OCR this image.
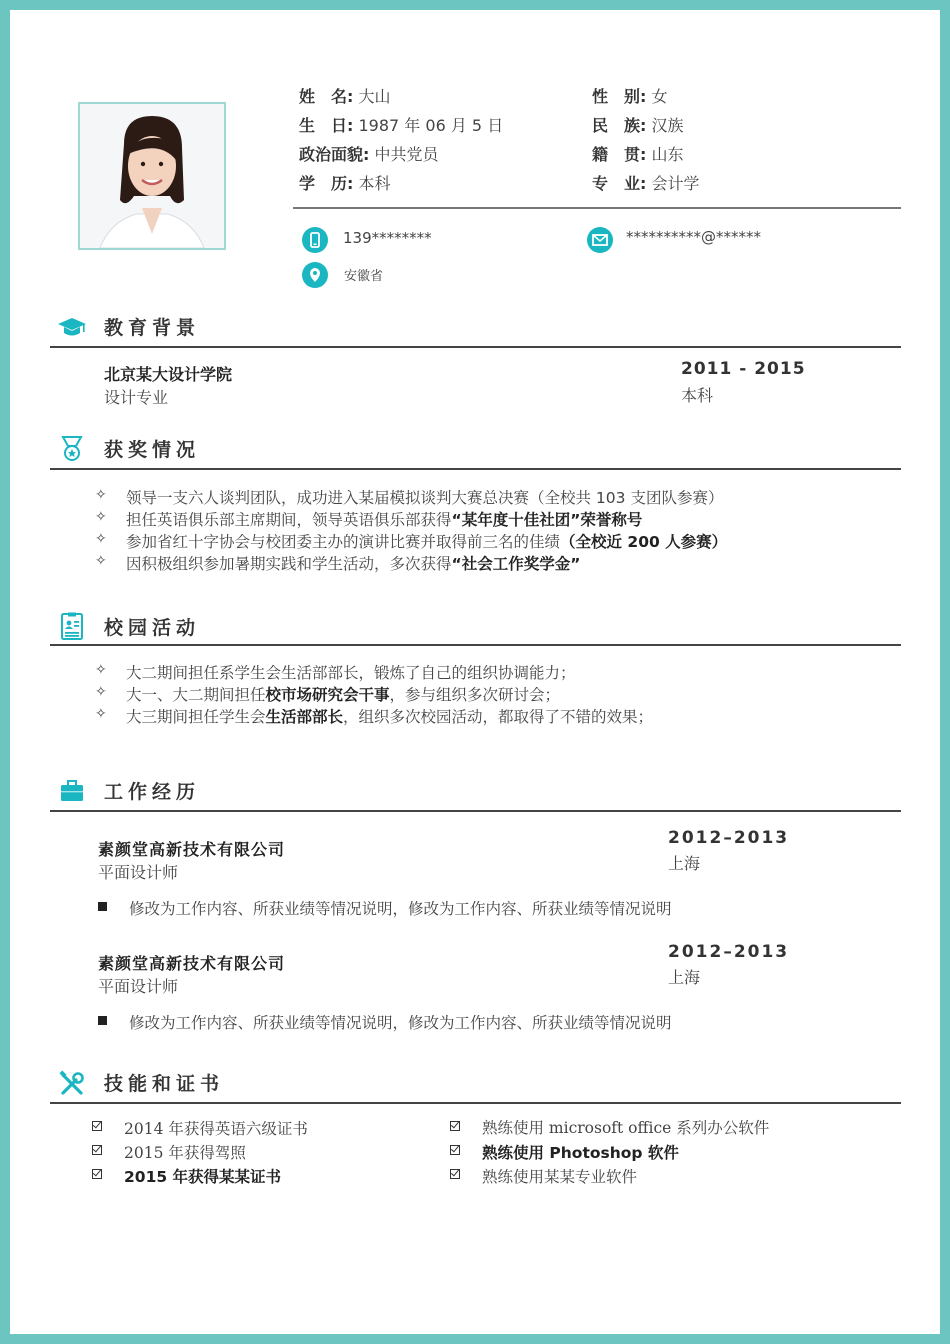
姓　名: 大山
生　日: 1987 年 06 月 5 日
政治面貌: 中共党员
学　历: 本科
性　别: 女
民　族: 汉族
籍　贯: 山东
专　业: 会计学
139********	**********@******
安徽省
教育背景
北京某大设计学院
设计专业
2011 - 2015
本科
获奖情况
✧ 领导一支六人谈判团队，成功进入某届模拟谈判大赛总决赛（全校共 103 支团队参赛）
✧ 担任英语俱乐部主席期间，领导英语俱乐部获得“某年度十佳社团”荣誉称号
✧ 参加省红十字协会与校团委主办的演讲比赛并取得前三名的佳绩（全校近 200 人参赛）
✧ 因积极组织参加暑期实践和学生活动，多次获得“社会工作奖学金”
校园活动
✧ 大二期间担任系学生会生活部部长，锻炼了自己的组织协调能力；
✧ 大一、大二期间担任校市场研究会干事，参与组织多次研讨会；
✧ 大三期间担任学生会生活部部长，组织多次校园活动，都取得了不错的效果；
工作经历
素颜堂高新技术有限公司
平面设计师
2012–2013
上海
修改为工作内容、所获业绩等情况说明，修改为工作内容、所获业绩等情况说明
素颜堂高新技术有限公司
平面设计师
2012–2013
上海
修改为工作内容、所获业绩等情况说明，修改为工作内容、所获业绩等情况说明
技能和证书
2014 年获得英语六级证书
2015 年获得驾照
2015 年获得某某证书
熟练使用 microsoft office 系列办公软件
熟练使用 Photoshop 软件
熟练使用某某专业软件
